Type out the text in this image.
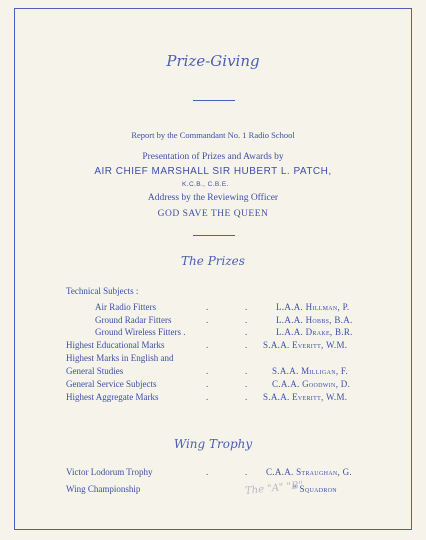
Prize-Giving
Report by the Commandant No. 1 Radio School
Presentation of Prizes and Awards by
AIR CHIEF MARSHALL SIR HUBERT L. PATCH,
K.C.B., C.B.E.
Address by the Reviewing Officer
GOD SAVE THE QUEEN
The Prizes
Technical Subjects :
Air Radio Fitters	.	.	L.A.A. Hillman, P.
Ground Radar Fitters	.	.	L.A.A. Hobbs, B.A.
Ground Wireless Fitters .	.	L.A.A. Drake, B.R.
Highest Educational Marks	.	. S.A.A. Everitt, W.M.
Highest Marks in English and
General Studies	.	.	S.A.A. Milligan, F.
General Service Subjects	.	.	C.A.A. Goodwin, D.
Highest Aggregate Marks	.	. S.A.A. Everitt, W.M.
Wing Trophy
Victor Lodorum Trophy	.	. C.A.A. Straughan, G.
Wing Championship	The "A" "B"
" Squadron
